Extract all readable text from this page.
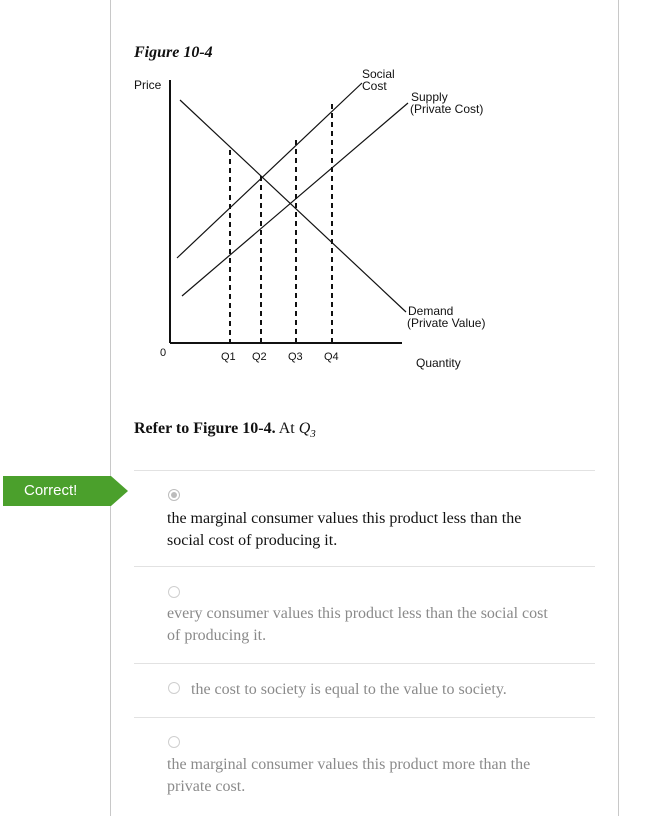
Figure 10-4
Price
0
Quantity
Social
Cost
Supply
(Private Cost)
Demand
(Private Value)
Q1 Q2 Q3 Q4
Refer to Figure 10-4. At $Q_3$
Correct!
the marginal consumer values this product less than the
social cost of producing it.
every consumer values this product less than the social cost
of producing it.
the cost to society is equal to the value to society.
the marginal consumer values this product more than the
private cost.
